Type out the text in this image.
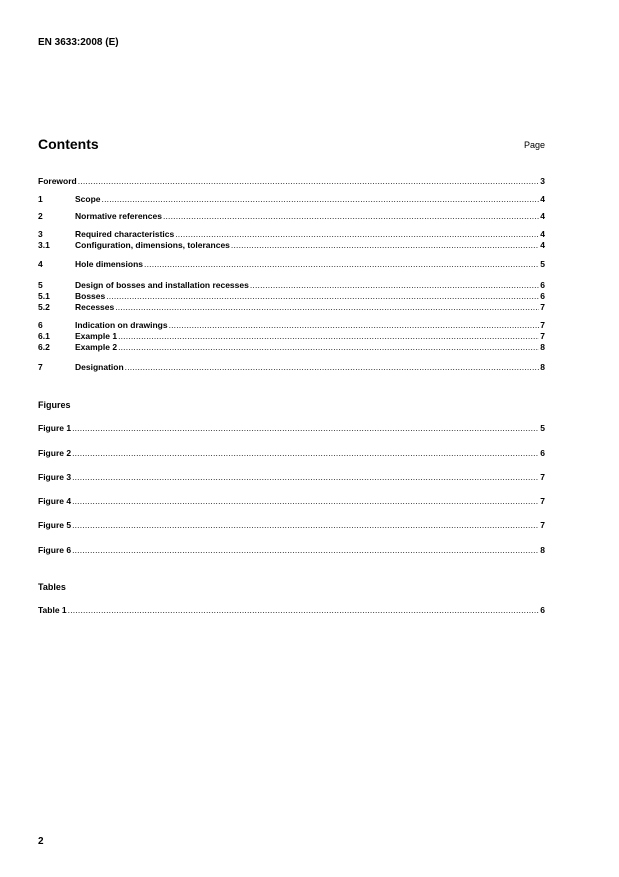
EN 3633:2008 (E)
Contents	Page
Foreword .....	3
1	Scope .....	4
2	Normative references .....	4
3	Required characteristics .....	4
3.1	Configuration, dimensions, tolerances .....	4
4	Hole dimensions .....	5
5	Design of bosses and installation recesses .....	6
5.1	Bosses .....	6
5.2	Recesses .....	7
6	Indication on drawings .....	7
6.1	Example 1 .....	7
6.2	Example 2 .....	8
7	Designation .....	8
Figures
Figure 1 .....	5
Figure 2 .....	6
Figure 3 .....	7
Figure 4 .....	7
Figure 5 .....	7
Figure 6 .....	8
Tables
Table 1 .....	6
2
